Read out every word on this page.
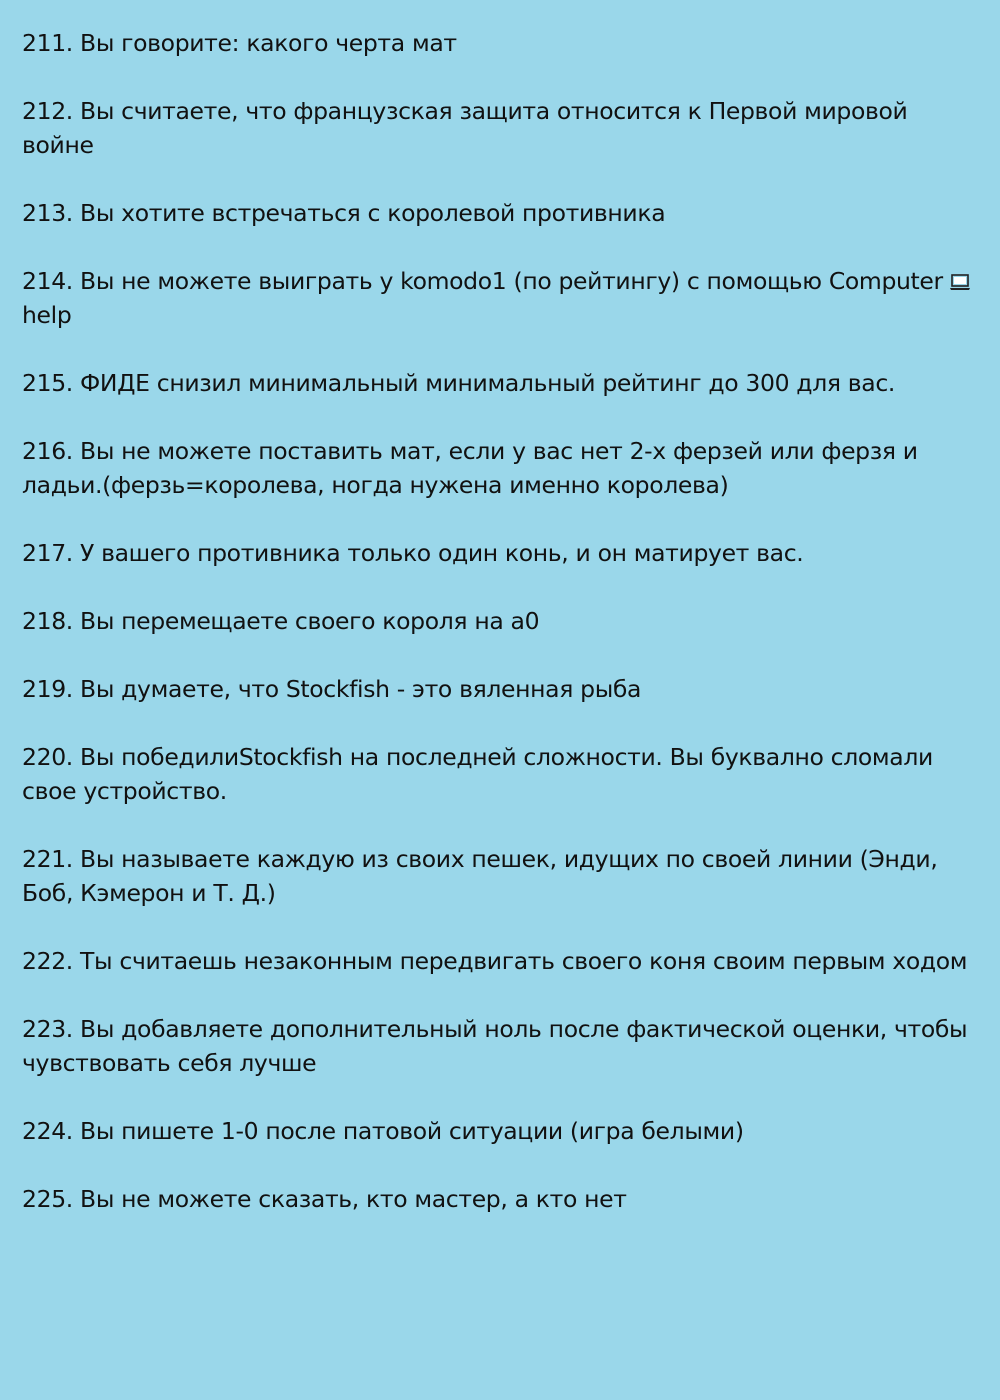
211. Вы говорите: какого черта мат
212. Вы считаете, что французская защита относится к Первой мировой войне
213. Вы хотите встречаться с королевой противника
214. Вы не можете выиграть у komodo1 (по рейтингу) с помощью Computer

help
215. ФИДЕ снизил минимальный минимальный рейтинг до 300 для вас.
216. Вы не можете поставить мат, если у вас нет 2-х ферзей или ферзя и ладьи.(ферзь=королева, ногда нужена именно королева)
217. У вашего противника только один конь, и он матирует вас.
218. Вы перемещаете своего короля на a0
219. Вы думаете, что Stockfish - это вяленная рыба
220. Вы победилиStockfish на последней сложности. Вы буквално сломали свое устройство.
221. Вы называете каждую из своих пешек, идущих по своей линии (Энди, Боб, Кэмерон и Т. Д.)
222. Ты считаешь незаконным передвигать своего коня своим первым ходом
223. Вы добавляете дополнительный ноль после фактической оценки, чтобы чувствовать себя лучше
224. Вы пишете 1-0 после патовой ситуации (игра белыми)
225. Вы не можете сказать, кто мастер, а кто нет
